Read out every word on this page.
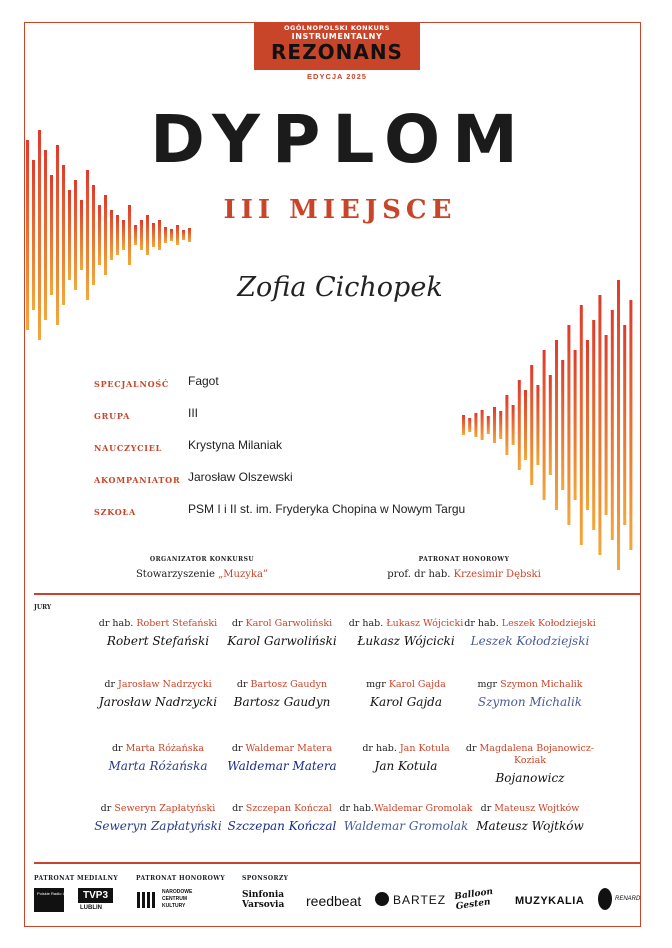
OGÓLNOPOLSKI KONKURS
INSTRUMENTALNY
REZONANS
EDYCJA 2025
DYPLOM
III MIEJSCE
Zofia Cichopek
SPECJALNOŚĆ	Fagot
GRUPA	III
NAUCZYCIEL	Krystyna Milaniak
AKOMPANIATOR Jarosław Olszewski
SZKOŁA	PSM I i II st. im. Fryderyka Chopina w Nowym Targu
ORGANIZATOR KONKURSU
Stowarzyszenie „Muzyka”
PATRONAT HONOROWY
prof. dr hab. Krzesimir Dębski
JURY
dr hab. Robert Stefański
Robert Stefański
dr Karol Garwoliński
Karol Garwoliński
dr hab. Łukasz Wójcicki
Łukasz Wójcicki
dr hab. Leszek Kołodziejski
Leszek Kołodziejski
dr Jarosław Nadrzycki
Jarosław Nadrzycki
dr Bartosz Gaudyn
Bartosz Gaudyn
mgr Karol Gajda
Karol Gajda
mgr Szymon Michalik
Szymon Michalik
dr Marta Różańska
Marta Różańska
dr Waldemar Matera
Waldemar Matera
dr hab. Jan Kotula
Jan Kotula
dr Magdalena Bojanowicz-Koziak
Bojanowicz
dr Seweryn Zapłatyński
Seweryn Zapłatyński
dr Szczepan Kończal
Szczepan Kończal
dr hab.Waldemar Gromolak
Waldemar Gromolak
dr Mateusz Wojtków
Mateusz Wojtków
PATRONAT MEDIALNY	PATRONAT HONOROWY	SPONSORZY
Polskie Radio Lublin TVP3
LUBLIN
NARODOWE CENTRUM KULTURY
Sinfonia Varsovia	reedbeat	BARTEZ Balloon Gesten	MUZYKALIA	RENARD
